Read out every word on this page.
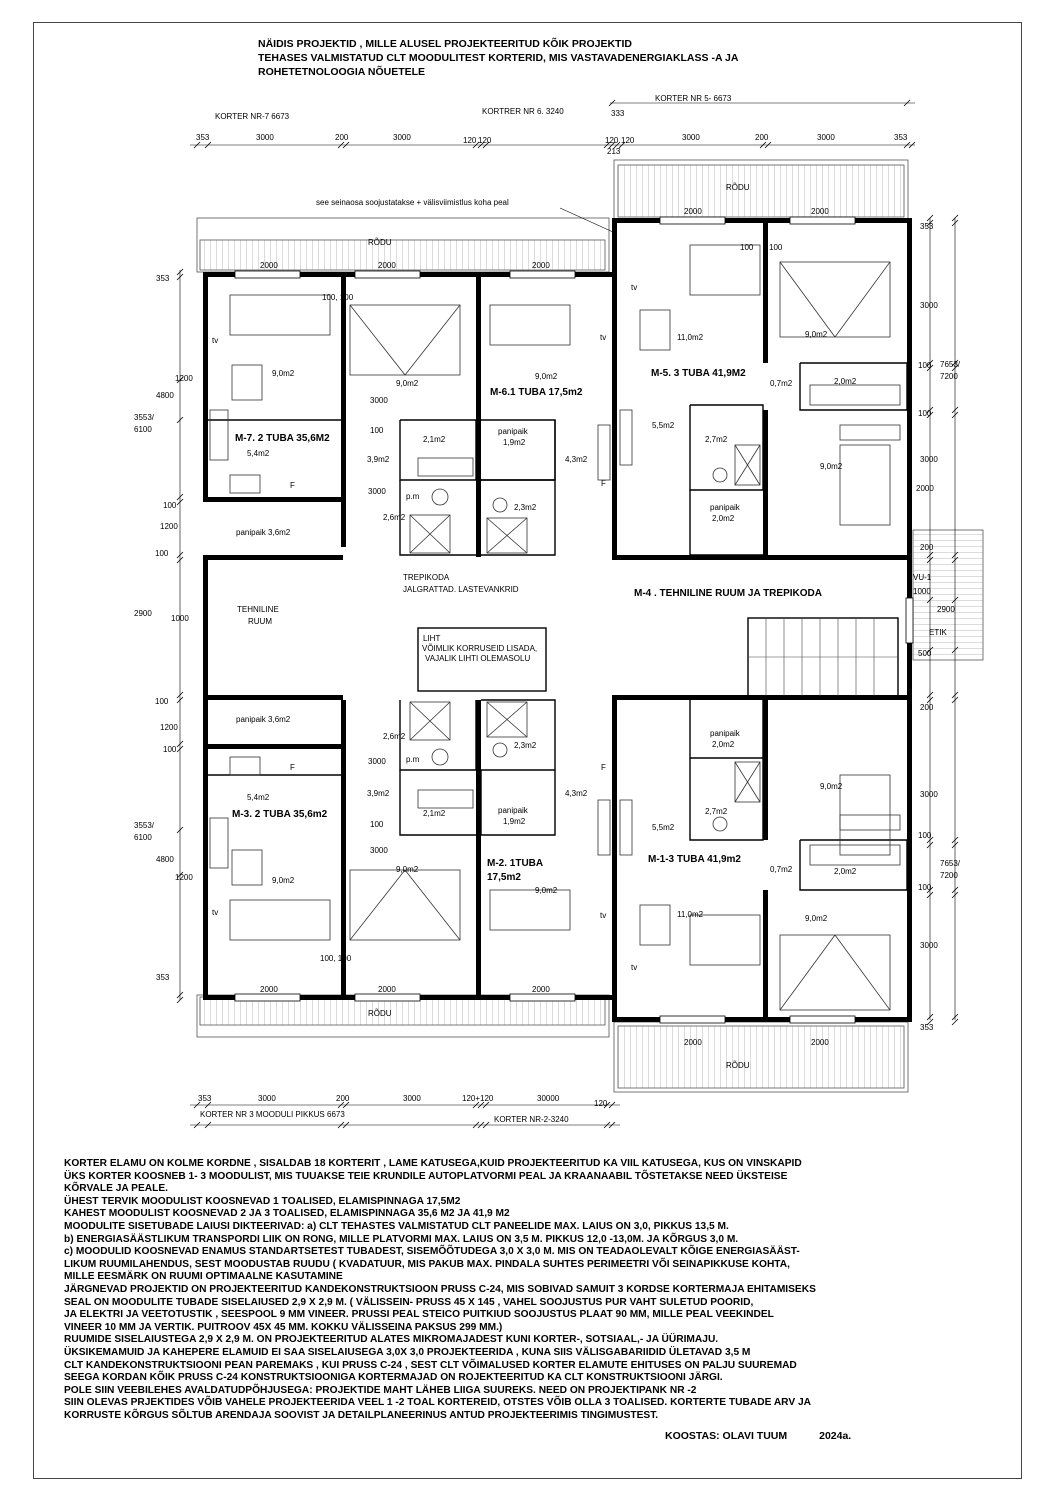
NÄIDIS PROJEKTID , MILLE ALUSEL PROJEKTEERITUD KÕIK PROJEKTID
TEHASES VALMISTATUD CLT MOODULITEST KORTERID, MIS VASTAVADENERGIAKLASS -A JA
ROHETETNOLOOGIA NÕUETELE
KORTER NR-7 6673
KORTRER NR 6. 3240
KORTER NR 5- 6673
333
213
353	3000	200	3000	120 120	120 120	3000	200	3000	353
see seinaosa soojustatakse + välisviimistlus koha peal
RÕDU
RÕDU
RÕDU
RÕDU
2000	2000	2000
2000	2000
2000	2000	2000
2000	2000
353
1200
4800
3553/
6100
100
1200
100
2900
1000
100
1200
100
3553/
6100
4800
1200
353
353
3000
100 7653/
7200
100
3000
2000
200
VU-1
1000
2900
ETIK
500
200
3000
100
7653/
7200
100
3000
353
353	3000	200	3000	120+120	30000
120
KORTER NR 3 MOODULI PIKKUS 6673
KORTER NR-2-3240
M-7. 2 TUBA 35,6M2
M-6.1 TUBA 17,5m2
M-5. 3 TUBA 41,9M2
M-4 . TEHNILINE RUUM JA TREPIKODA
M-3. 2 TUBA 35,6m2
M-2. 1TUBA
17,5m2
M-1-3 TUBA 41,9m2
9,0m2
9,0m2
9,0m2
5,4m2
2,1m2
3,9m2
2,6m2
panipaik 3,6m2
2,3m2
4,3m2
panipaik
1,9m2
11,0m2	9,0m2
5,5m2
2,7m2
panipaik
2,0m2
2,0m2
0,7m2
9,0m2
tv	tv
tv
F	F
p.m
100, 100
100 100
3000
100
3000
TEHNILINE
RUUM
TREPIKODA
JALGRATTAD. LASTEVANKRID
LIHT
VÕIMLIK KORRUSEID LISADA,
VAJALIK LIHTI OLEMASOLU
panipaik 3,6m2
2,6m2
2,3m2
4,3m2
5,4m2	3,9m2
2,1m2	panipaik
1,9m2
9,0m2
9,0m2
9,0m2
panipaik
2,0m2
2,7m2
5,5m2
9,0m2
0,7m2	2,0m2
11,0m2	9,0m2
tv	tv
tv
F	F
p.m
100, 100
3000
100
3000
KORTER ELAMU ON KOLME KORDNE , SISALDAB 18 KORTERIT , LAME KATUSEGA,KUID PROJEKTEERITUD KA VIIL KATUSEGA, KUS ON VINSKAPID
ÜKS KORTER KOOSNEB 1- 3 MOODULIST, MIS TUUAKSE TEIE KRUNDILE AUTOPLATVORMI PEAL JA KRAANAABIL TÕSTETAKSE NEED ÜKSTEISE
KÕRVALE JA PEALE.
ÜHEST TERVIK MOODULIST KOOSNEVAD 1 TOALISED, ELAMISPINNAGA 17,5M2
KAHEST MOODULIST KOOSNEVAD 2 JA 3 TOALISED, ELAMISPINNAGA 35,6 M2 JA 41,9 M2
MOODULITE SISETUBADE LAIUSI DIKTEERIVAD: a) CLT TEHASTES VALMISTATUD CLT PANEELIDE MAX. LAIUS ON 3,0, PIKKUS 13,5 M.
b) ENERGIASÄÄSTLIKUM TRANSPORDI LIIK ON RONG, MILLE PLATVORMI MAX. LAIUS ON 3,5 M. PIKKUS 12,0 -13,0M. JA KÕRGUS 3,0 M.
c) MOODULID KOOSNEVAD ENAMUS STANDARTSETEST TUBADEST, SISEMÕÕTUDEGA 3,0 X 3,0 M. MIS ON TEADAOLEVALT KÕIGE ENERGIASÄÄST-
LIKUM RUUMILAHENDUS, SEST MOODUSTAB RUUDU ( KVADATUUR, MIS PAKUB MAX. PINDALA SUHTES PERIMEETRI VÕI SEINAPIKKUSE KOHTA,
MILLE EESMÄRK ON RUUMI OPTIMAALNE KASUTAMINE
JÄRGNEVAD PROJEKTID ON PROJEKTEERITUD KANDEKONSTRUKTSIOON PRUSS C-24, MIS SOBIVAD SAMUIT 3 KORDSE KORTERMAJA EHITAMISEKS
SEAL ON MOODULITE TUBADE SISELAIUSED 2,9 X 2,9 M. ( VÄLISSEIN- PRUSS 45 X 145 , VAHEL SOOJUSTUS PUR VAHT SULETUD POORID,
JA ELEKTRI JA VEETOTUSTIK , SEESPOOL 9 MM VINEER. PRUSSI PEAL STEICO PUITKIUD SOOJUSTUS PLAAT 90 MM, MILLE PEAL VEEKINDEL
VINEER 10 MM JA VERTIK. PUITROOV 45X 45 MM. KOKKU VÄLISSEINA PAKSUS 299 MM.)
RUUMIDE SISELAIUSTEGA 2,9 X 2,9 M. ON PROJEKTEERITUD ALATES MIKROMAJADEST KUNI KORTER-, SOTSIAAL,- JA ÜÜRIMAJU.
ÜKSIKEMAMUID JA KAHEPERE ELAMUID EI SAA SISELAIUSEGA 3,0X 3,0 PROJEKTEERIDA , KUNA SIIS VÄLISGABARIIDID ÜLETAVAD 3,5 M
CLT KANDEKONSTRUKTSIOONI PEAN PAREMAKS , KUI PRUSS C-24 , SEST CLT VÕIMALUSED KORTER ELAMUTE EHITUSES ON PALJU SUUREMAD
SEEGA KORDAN KÕIK PRUSS C-24 KONSTRUKTSIOONIGA KORTERMAJAD ON ROJEKTEERITUD KA CLT KONSTRUKTSIOONI JÄRGI.
POLE SIIN VEEBILEHES AVALDATUDPÕHJUSEGA: PROJEKTIDE MAHT LÄHEB LIIGA SUUREKS. NEED ON PROJEKTIPANK NR -2
SIIN OLEVAS PRJEKTIDES VÕIB VAHELE PROJEKTEERIDA VEEL 1 -2 TOAL KORTEREID, OTSTES VÕIB OLLA 3 TOALISED. KORTERTE TUBADE ARV JA
KORRUSTE KÕRGUS SÕLTUB ARENDAJA SOOVIST JA DETAILPLANEERINUS ANTUD PROJEKTEERIMIS TINGIMUSTEST.
KOOSTAS: OLAVI TUUM	2024a.
